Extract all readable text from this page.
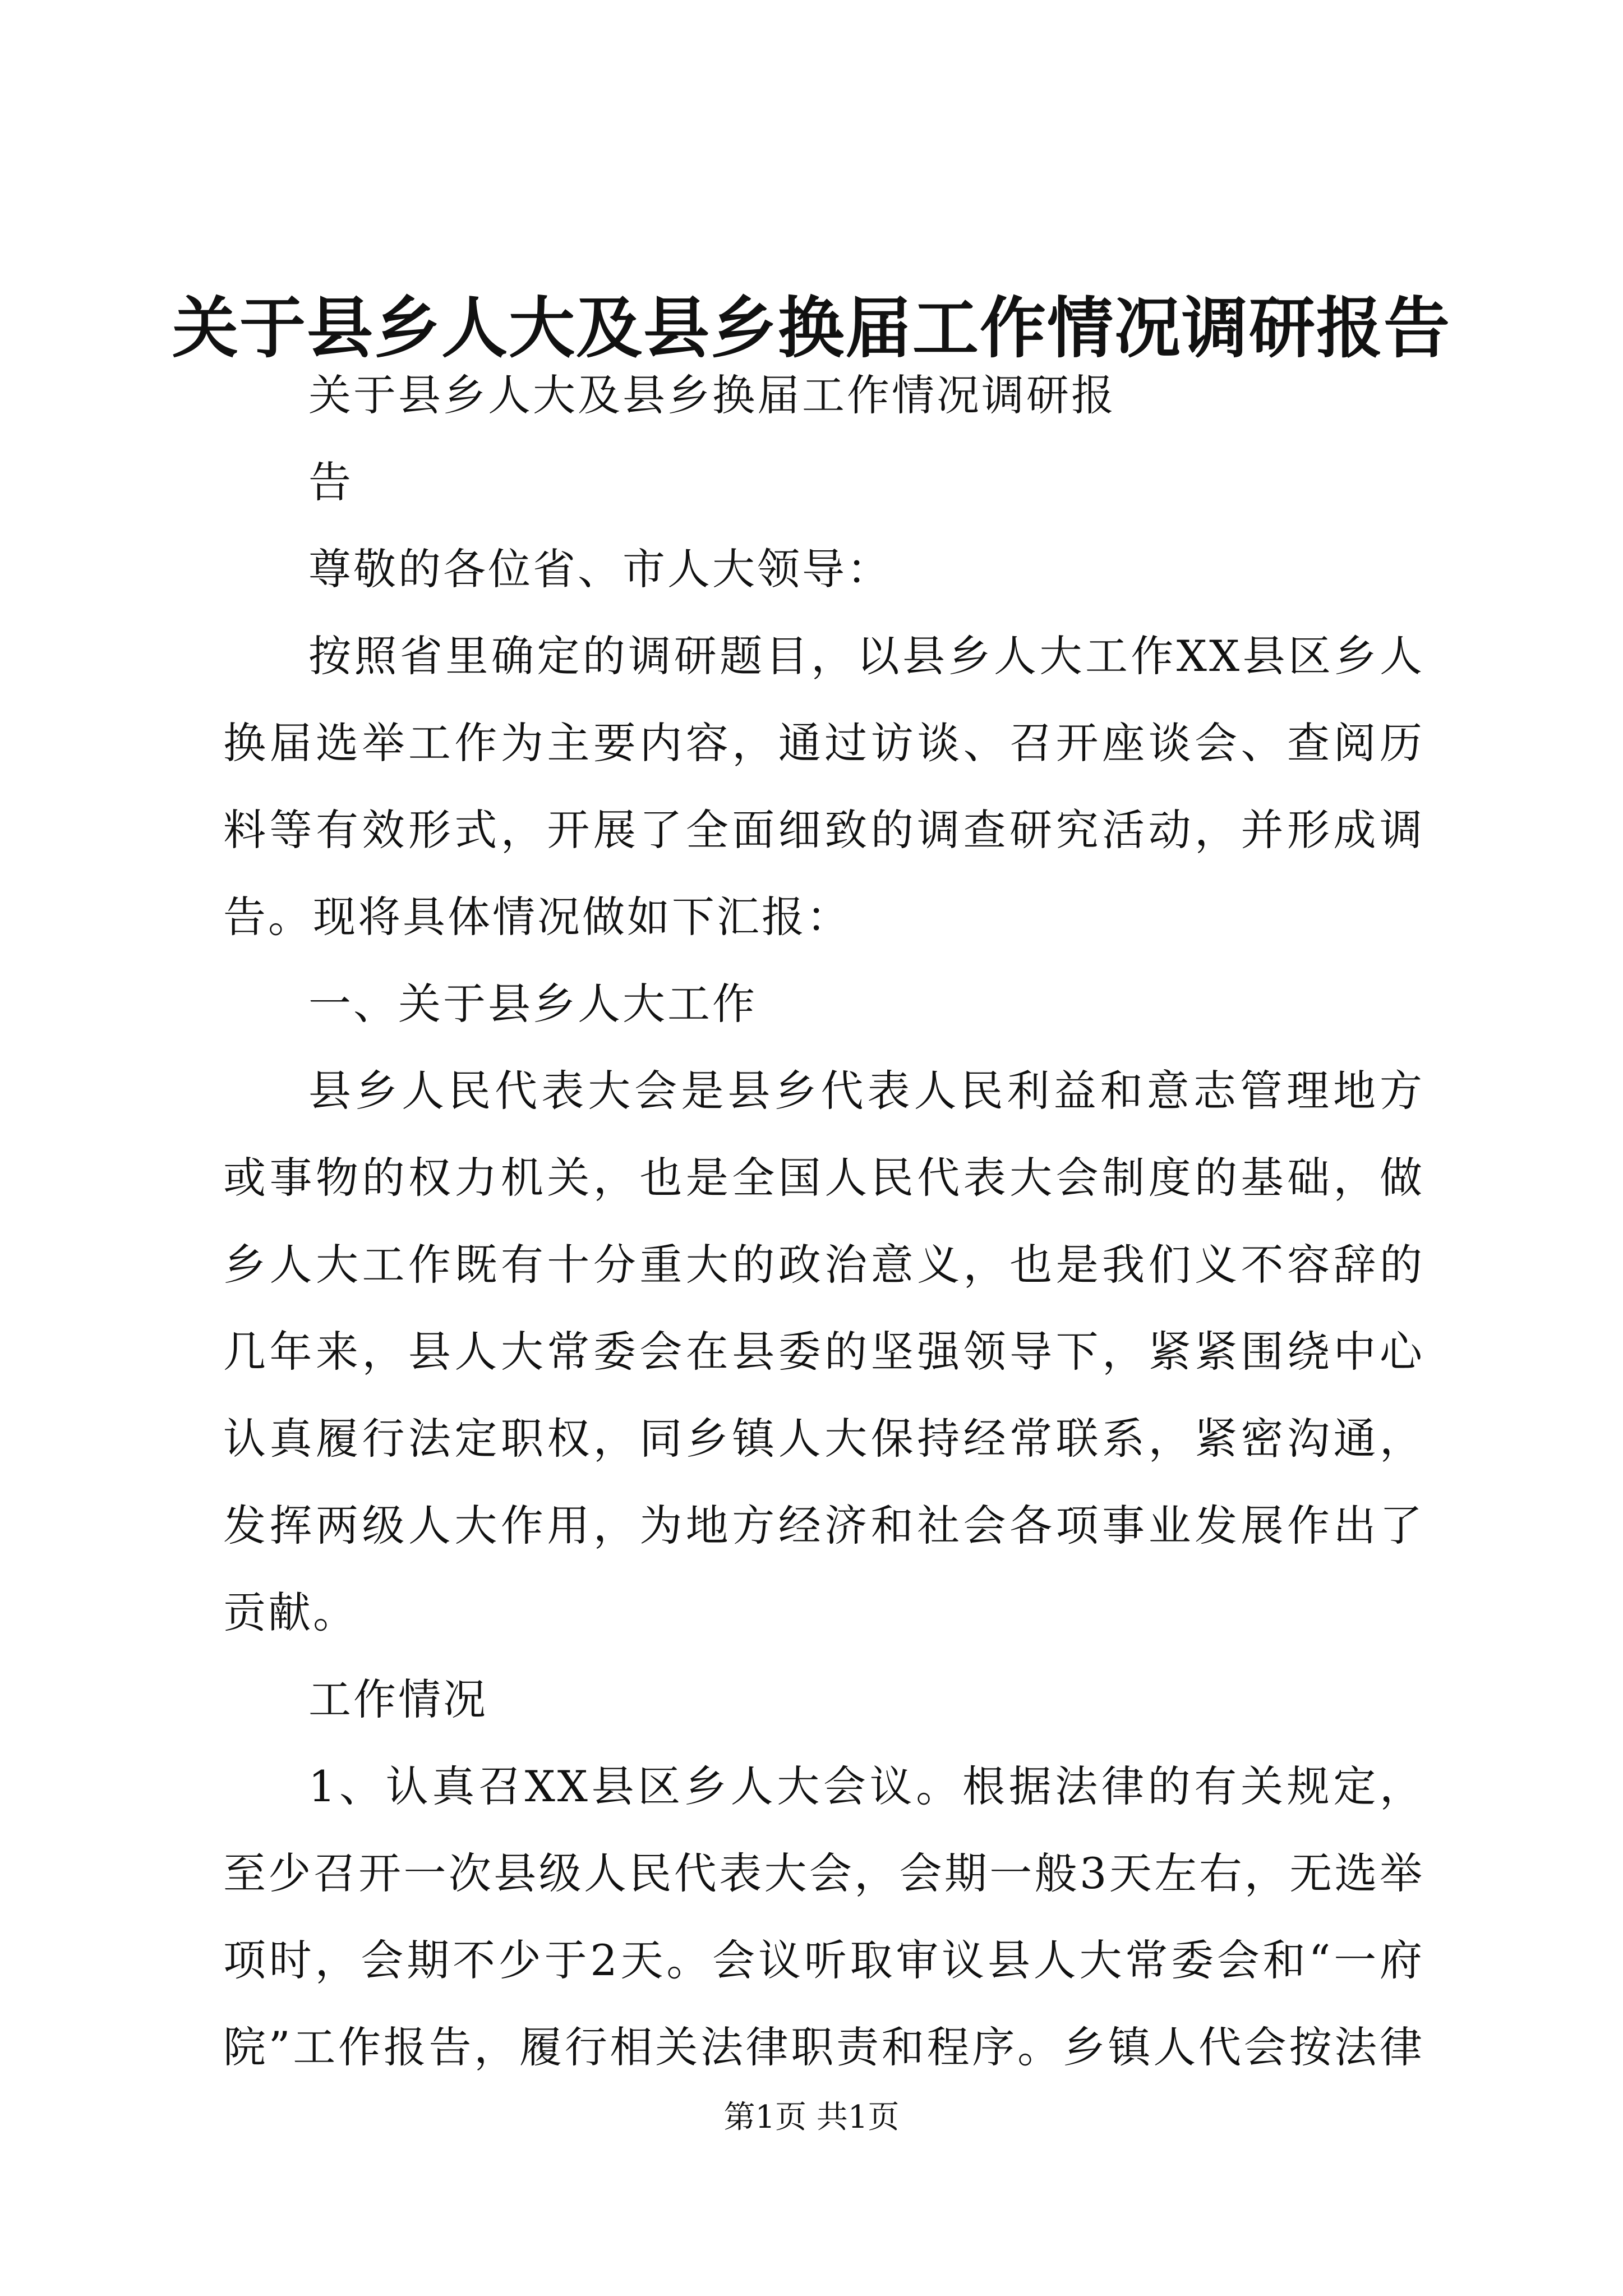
关于县乡人大及县乡换届工作情况调研报告

关于县乡人大及县乡换届工作情况调研报

告

尊敬的各位省、市人大领导：

按照省里确定的调研题目，以县乡人大工作XX县区乡人

换届选举工作为主要内容，通过访谈、召开座谈会、查阅历

料等有效形式，开展了全面细致的调查研究活动，并形成调

告。现将具体情况做如下汇报：

一、关于县乡人大工作

县乡人民代表大会是县乡代表人民利益和意志管理地方

或事物的权力机关，也是全国人民代表大会制度的基础，做

乡人大工作既有十分重大的政治意义，也是我们义不容辞的

几年来，县人大常委会在县委的坚强领导下，紧紧围绕中心

认真履行法定职权，同乡镇人大保持经常联系，紧密沟通，

发挥两级人大作用，为地方经济和社会各项事业发展作出了

贡献。

工作情况

1、认真召XX县区乡人大会议。根据法律的有关规定，

至少召开一次县级人民代表大会，会期一般3天左右，无选举

项时，会期不少于2天。会议听取审议县人大常委会和“一府

院”工作报告，履行相关法律职责和程序。乡镇人代会按法律

第1页 共1页
